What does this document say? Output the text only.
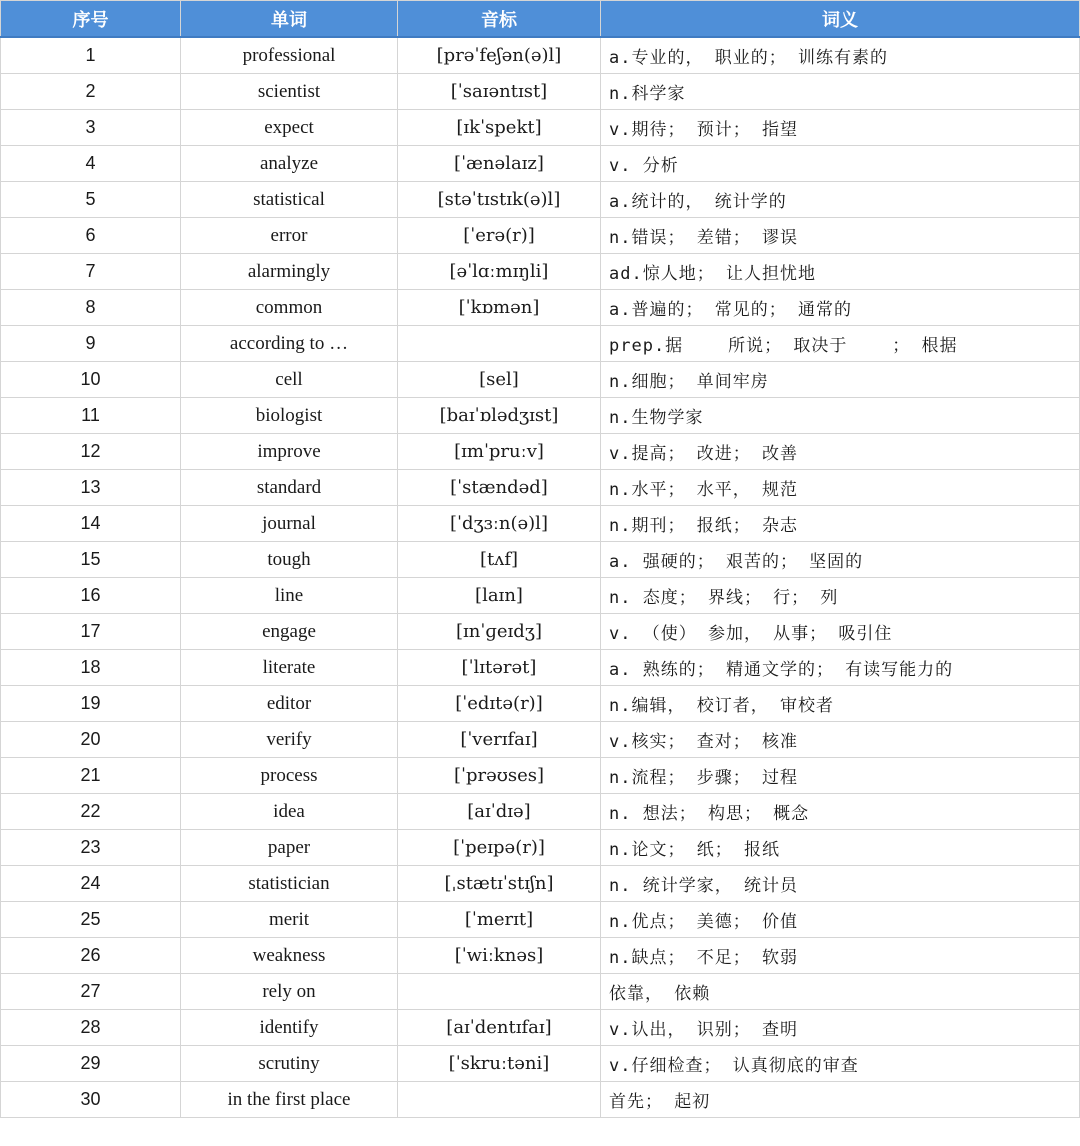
序号	单词	音标	词义
1	professional	[prəˈfeʃən(ə)l]	a.专业的， 职业的； 训练有素的
2	scientist	[ˈsaɪəntɪst]	n.科学家
3	expect	[ɪkˈspekt]	v.期待； 预计； 指望
4	analyze	[ˈænəlaɪz]	v. 分析
5	statistical	[stəˈtɪstɪk(ə)l]	a.统计的， 统计学的
6	error	[ˈerə(r)]	n.错误； 差错； 谬误
7	alarmingly	[əˈlɑːmɪŋli]	ad.惊人地； 让人担忧地
8	common	[ˈkɒmən]	a.普遍的； 常见的； 通常的
9	according to …		prep.据    所说； 取决于    ； 根据
10	cell	[sel]	n.细胞； 单间牢房
11	biologist	[baɪˈɒlədʒɪst]	n.生物学家
12	improve	[ɪmˈpruːv]	v.提高； 改进； 改善
13	standard	[ˈstændəd]	n.水平； 水平， 规范
14	journal	[ˈdʒɜːn(ə)l]	n.期刊； 报纸； 杂志
15	tough	[tʌf]	a. 强硬的； 艰苦的； 坚固的
16	line	[laɪn]	n. 态度； 界线； 行； 列
17	engage	[ɪnˈɡeɪdʒ]	v. （使） 参加， 从事； 吸引住
18	literate	[ˈlɪtərət]	a. 熟练的； 精通文学的； 有读写能力的
19	editor	[ˈedɪtə(r)]	n.编辑， 校订者， 审校者
20	verify	[ˈverɪfaɪ]	v.核实； 查对； 核准
21	process	[ˈprəʊses]	n.流程； 步骤； 过程
22	idea	[aɪˈdɪə]	n. 想法； 构思； 概念
23	paper	[ˈpeɪpə(r)]	n.论文； 纸； 报纸
24	statistician	[ˌstætɪˈstɪʃn]	n. 统计学家， 统计员
25	merit	[ˈmerɪt]	n.优点； 美德； 价值
26	weakness	[ˈwiːknəs]	n.缺点； 不足； 软弱
27	rely on		依靠， 依赖
28	identify	[aɪˈdentɪfaɪ]	v.认出， 识别； 查明
29	scrutiny	[ˈskruːtəni]	v.仔细检查； 认真彻底的审查
30	in the first place		首先； 起初
